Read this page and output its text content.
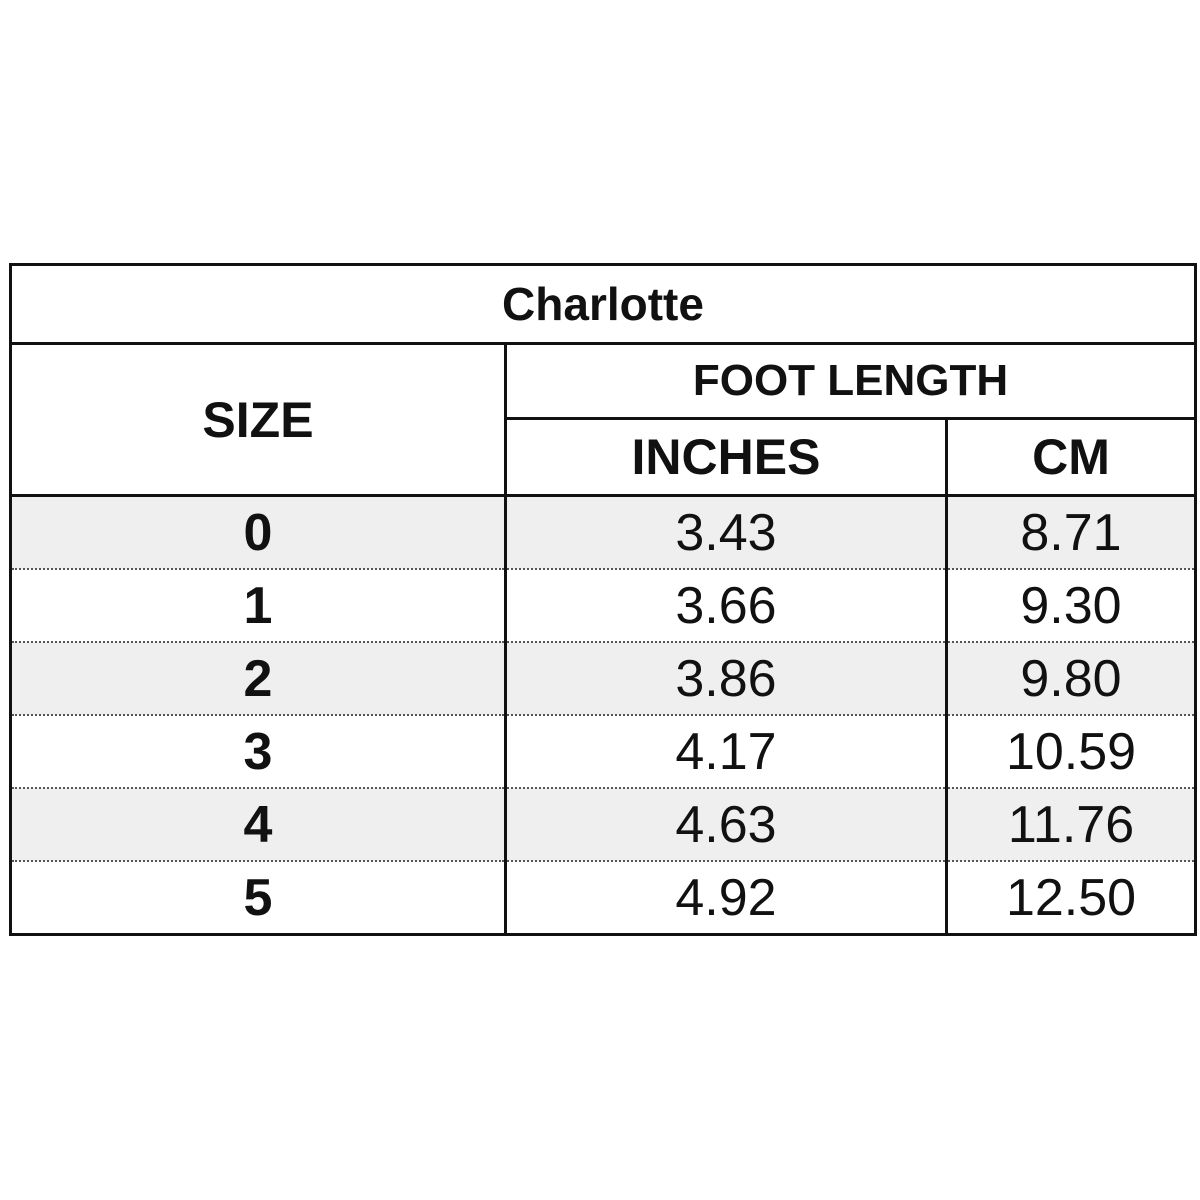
Charlotte		
SIZE	FOOT LENGTH	
	INCHES	CM
0	3.43	8.71
1	3.66	9.30
2	3.86	9.80
3	4.17	10.59
4	4.63	11.76
5	4.92	12.50
